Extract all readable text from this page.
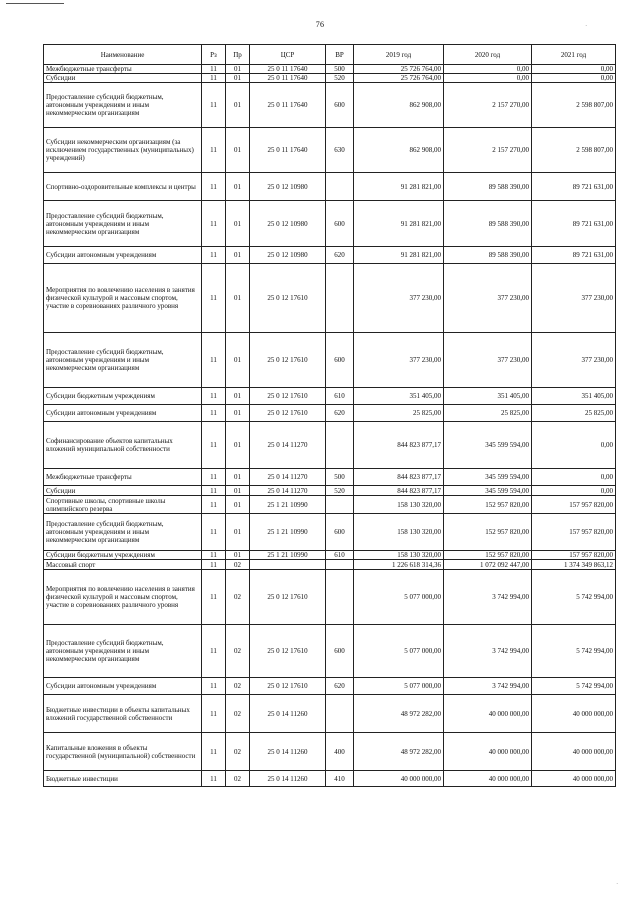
76	·
·
Наименование	Рз	Пр	ЦСР	ВР	2019 год	2020 год	2021 год
Межбюджетные трансферты	11	01	25 0 11 17640	500	25 726 764,00	0,00	0,00
Субсидии	11	01	25 0 11 17640	520	25 726 764,00	0,00	0,00
Предоставление субсидий бюджетным, автономным учреждениям и иным некоммерческим организациям	11	01	25 0 11 17640	600	862 908,00	2 157 270,00	2 598 807,00
Субсидии некоммерческим организациям (за исключением государственных (муниципальных) учреждений)	11	01	25 0 11 17640	630	862 908,00	2 157 270,00	2 598 807,00
Спортивно-оздоровительные комплексы и центры	11	01	25 0 12 10980		91 281 821,00	89 588 390,00	89 721 631,00
Предоставление субсидий бюджетным, автономным учреждениям и иным некоммерческим организациям	11	01	25 0 12 10980	600	91 281 821,00	89 588 390,00	89 721 631,00
Субсидии автономным учреждениям	11	01	25 0 12 10980	620	91 281 821,00	89 588 390,00	89 721 631,00
Мероприятия по вовлечению населения в занятия физической культурой и массовым спортом, участие в соревнованиях различного уровня	11	01	25 0 12 17610		377 230,00	377 230,00	377 230,00
Предоставление субсидий бюджетным, автономным учреждениям и иным некоммерческим организациям	11	01	25 0 12 17610	600	377 230,00	377 230,00	377 230,00
Субсидии бюджетным учреждениям	11	01	25 0 12 17610	610	351 405,00	351 405,00	351 405,00
Субсидии автономным учреждениям	11	01	25 0 12 17610	620	25 825,00	25 825,00	25 825,00
Софинансирование объектов капитальных вложений муниципальной собственности	11	01	25 0 14 11270		844 823 877,17	345 599 594,00	0,00
Межбюджетные трансферты	11	01	25 0 14 11270	500	844 823 877,17	345 599 594,00	0,00
Субсидии	11	01	25 0 14 11270	520	844 823 877,17	345 599 594,00	0,00
Спортивные школы, спортивные школы олимпийского резерва	11	01	25 1 21 10990		158 130 320,00	152 957 820,00	157 957 820,00
Предоставление субсидий бюджетным, автономным учреждениям и иным некоммерческим организациям	11	01	25 1 21 10990	600	158 130 320,00	152 957 820,00	157 957 820,00
Субсидии бюджетным учреждениям	11	01	25 1 21 10990	610	158 130 320,00	152 957 820,00	157 957 820,00
Массовый спорт	11	02			1 226 618 314,36	1 072 092 447,00	1 374 349 863,12
Мероприятия по вовлечению населения в занятия физической культурой и массовым спортом, участие в соревнованиях различного уровня	11	02	25 0 12 17610		5 077 000,00	3 742 994,00	5 742 994,00
Предоставление субсидий бюджетным, автономным учреждениям и иным некоммерческим организациям	11	02	25 0 12 17610	600	5 077 000,00	3 742 994,00	5 742 994,00
Субсидии автономным учреждениям	11	02	25 0 12 17610	620	5 077 000,00	3 742 994,00	5 742 994,00
Бюджетные инвестиции в объекты капитальных вложений государственной собственности	11	02	25 0 14 11260		48 972 282,00	40 000 000,00	40 000 000,00
Капитальные вложения в объекты государственной (муниципальной) собственности	11	02	25 0 14 11260	400	48 972 282,00	40 000 000,00	40 000 000,00
Бюджетные инвестиции	11	02	25 0 14 11260	410	40 000 000,00	40 000 000,00	40 000 000,00
